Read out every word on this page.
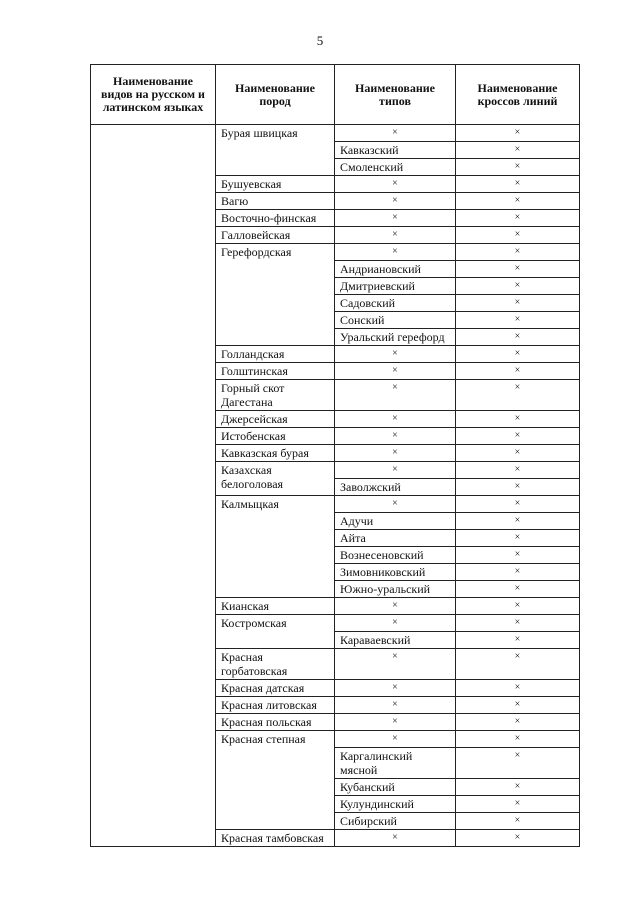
5
Наименование видов на русском и латинском языках	Наименование пород	Наименование типов	Наименование кроссов линий
	Бурая швицкая	×	×
		Кавказский	×
		Смоленский	×
	Бушуевская	×	×
	Вагю	×	×
	Восточно-финская	×	×
	Галловейская	×	×
	Герефордская	×	×
		Андриановский	×
		Дмитриевский	×
		Садовский	×
		Сонский	×
		Уральский герефорд	×
	Голландская	×	×
	Голштинская	×	×
	Горный скот Дагестана	×	×
	Джерсейская	×	×
	Истобенская	×	×
	Кавказская бурая	×	×
	Казахская белоголовая	×	×
		Заволжский	×
	Калмыцкая	×	×
		Адучи	×
		Айта	×
		Вознесеновский	×
		Зимовниковский	×
		Южно-уральский	×
	Кианская	×	×
	Костромская	×	×
		Каравaевский	×
	Красная горбатовская	×	×
	Красная датская	×	×
	Красная литовская	×	×
	Красная польская	×	×
	Красная степная	×	×
		Каргалинский мясной	×
		Кубанский	×
		Кулундинский	×
		Сибирский	×
	Красная тамбовская	×	×
